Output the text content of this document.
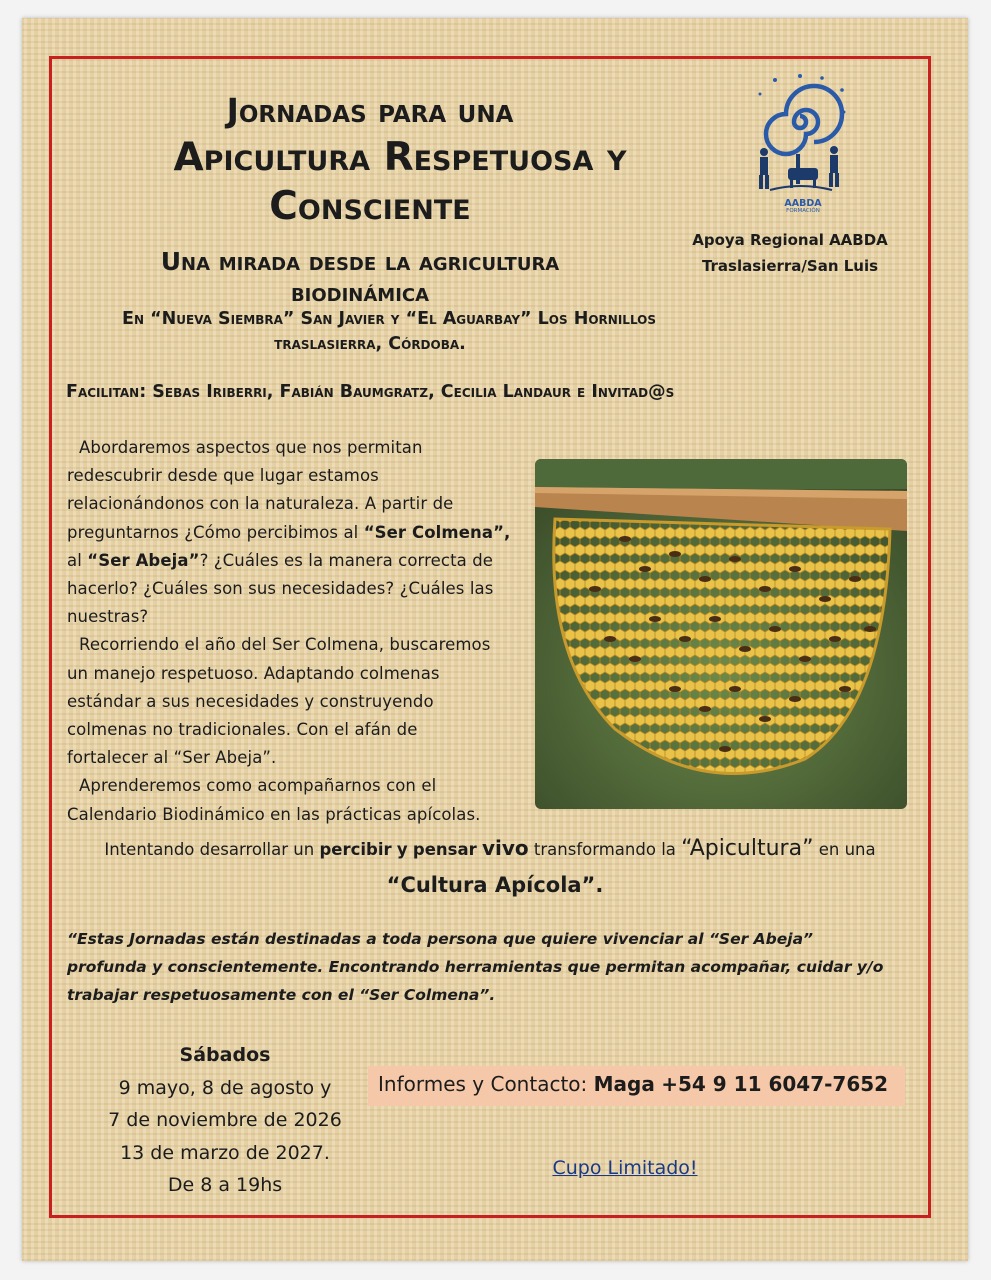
Jornadas para una
Apicultura Respetuosa y
Consciente
Una mirada desde la agricultura
biodinámica
En “Nueva Siembra” San Javier y “El Aguarbay” Los Hornillos
traslasierra, Córdoba.
Facilitan: Sebas Iriberri, Fabián Baumgratz, Cecilia Landaur e Invitad@s
AABDA
FORMACIÓN
Apoya Regional AABDA
Traslasierra/San Luis
Abordaremos aspectos que nos permitan
redescubrir desde que lugar estamos
relacionándonos con la naturaleza. A partir de
preguntarnos ¿Cómo percibimos al “Ser Colmena”,
al “Ser Abeja”? ¿Cuáles es la manera correcta de
hacerlo? ¿Cuáles son sus necesidades? ¿Cuáles las
nuestras?
Recorriendo el año del Ser Colmena, buscaremos
un manejo respetuoso. Adaptando colmenas
estándar a sus necesidades y construyendo
colmenas no tradicionales. Con el afán de
fortalecer al “Ser Abeja”.
Aprenderemos como acompañarnos con el
Calendario Biodinámico en las prácticas apícolas.
Intentando desarrollar un percibir y pensar vivo transformando la “Apicultura” en una
“Cultura Apícola”.
“Estas Jornadas están destinadas a toda persona que quiere vivenciar al “Ser Abeja”
profunda y conscientemente. Encontrando herramientas que permitan acompañar, cuidar y/o
trabajar respetuosamente con el “Ser Colmena”.
Sábados
9 mayo, 8 de agosto y
7 de noviembre de 2026
13 de marzo de 2027.
De 8 a 19hs
Informes y Contacto: Maga +54 9 11 6047-7652
Cupo Limitado!
